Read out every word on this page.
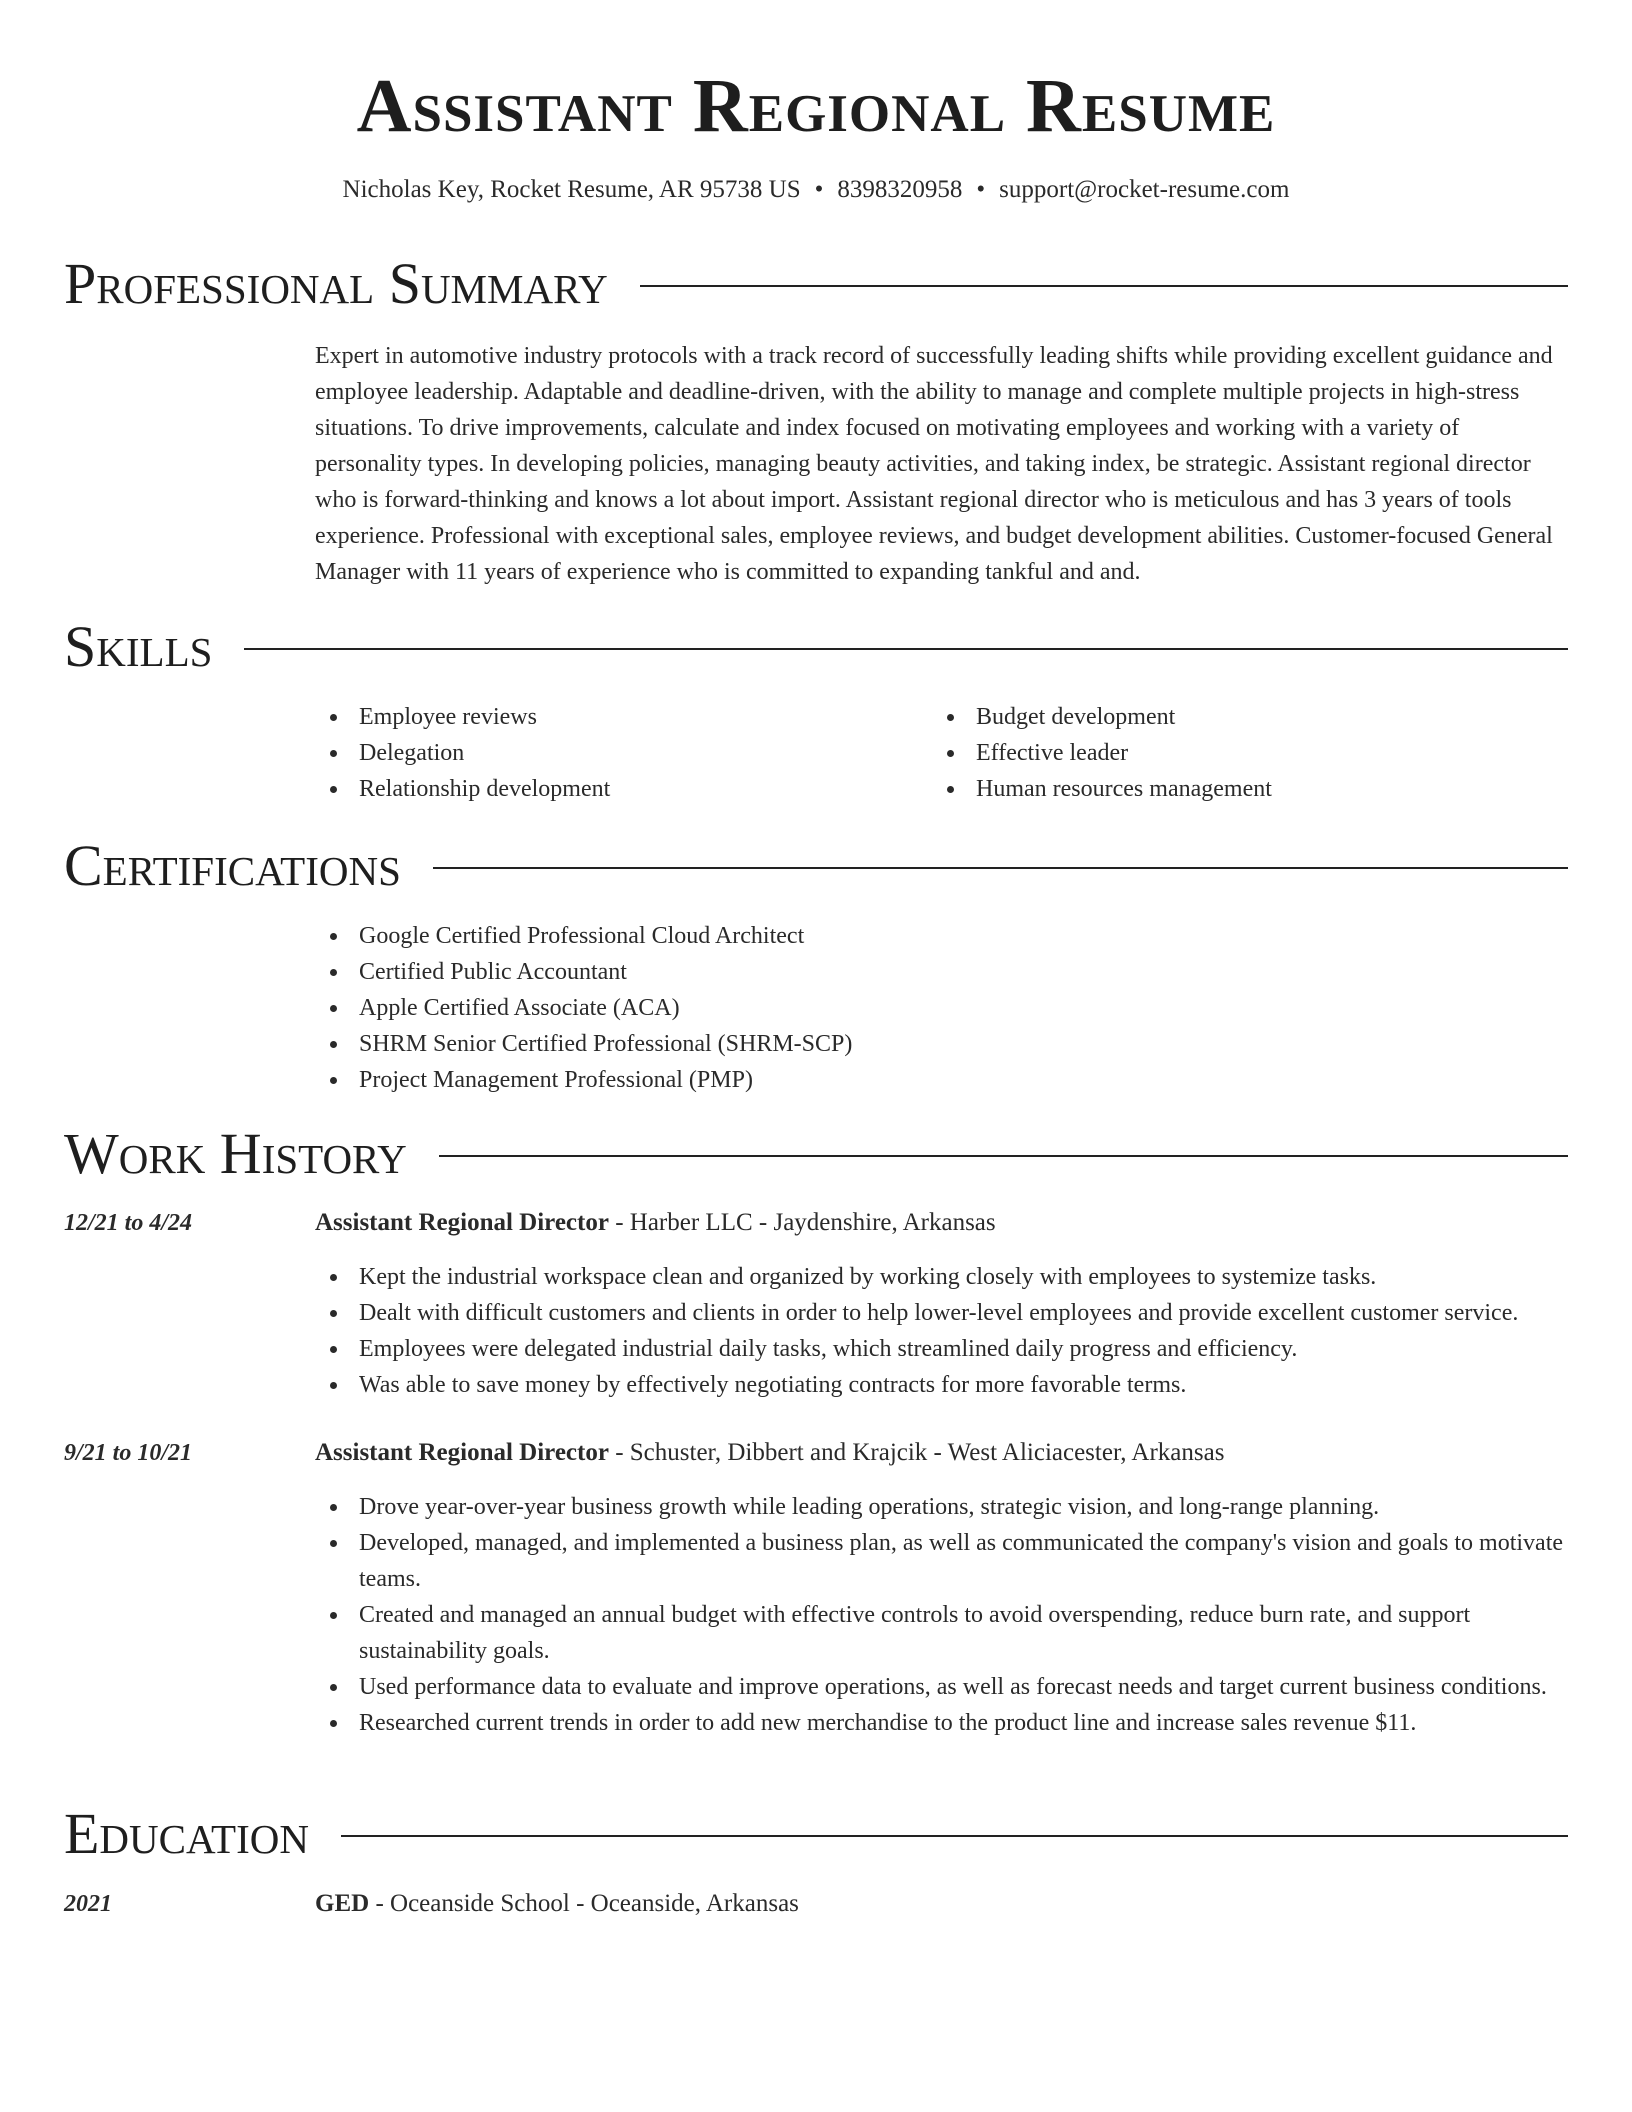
Assistant Regional Resume
Nicholas Key, Rocket Resume, AR 95738 US • 8398320958 • support@rocket-resume.com
Professional Summary

Expert in automotive industry protocols with a track record of successfully leading shifts while providing excellent guidance and employee leadership. Adaptable and deadline-driven, with the ability to manage and complete multiple projects in high-stress situations. To drive improvements, calculate and index focused on motivating employees and working with a variety of personality types. In developing policies, managing beauty activities, and taking index, be strategic. Assistant regional director who is forward-thinking and knows a lot about import. Assistant regional director who is meticulous and has 3 years of tools experience. Professional with exceptional sales, employee reviews, and budget development abilities. Customer-focused General Manager with 11 years of experience who is committed to expanding tankful and and.

Skills
Employee reviews
Delegation
Relationship development
Budget development
Effective leader
Human resources management
Certifications
Google Certified Professional Cloud Architect
Certified Public Accountant
Apple Certified Associate (ACA)
SHRM Senior Certified Professional (SHRM-SCP)
Project Management Professional (PMP)
Work History
12/21 to 4/24	Assistant Regional Director - Harber LLC - Jaydenshire, Arkansas
Kept the industrial workspace clean and organized by working closely with employees to systemize tasks.
Dealt with difficult customers and clients in order to help lower-level employees and provide excellent customer service.
Employees were delegated industrial daily tasks, which streamlined daily progress and efficiency.
Was able to save money by effectively negotiating contracts for more favorable terms.
9/21 to 10/21	Assistant Regional Director - Schuster, Dibbert and Krajcik - West Aliciacester, Arkansas
Drove year-over-year business growth while leading operations, strategic vision, and long-range planning.
Developed, managed, and implemented a business plan, as well as communicated the company's vision and goals to motivate teams.
Created and managed an annual budget with effective controls to avoid overspending, reduce burn rate, and support sustainability goals.
Used performance data to evaluate and improve operations, as well as forecast needs and target current business conditions.
Researched current trends in order to add new merchandise to the product line and increase sales revenue $11.
Education
2021	GED - Oceanside School - Oceanside, Arkansas
